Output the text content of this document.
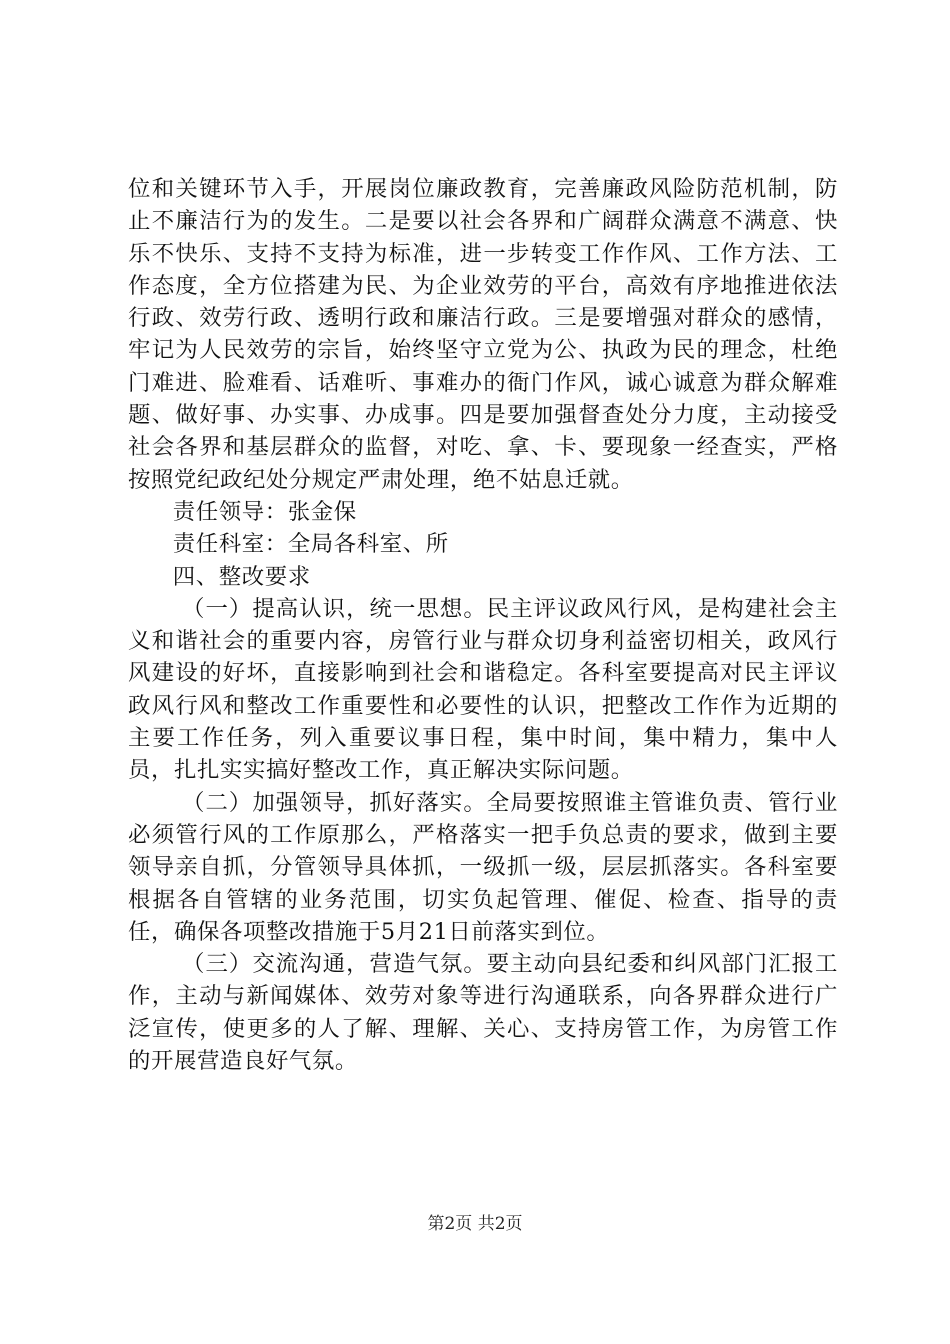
位和关键环节入手，开展岗位廉政教育，完善廉政风险防范机制，防止不廉洁行为的发生。二是要以社会各界和广阔群众满意不满意、快乐不快乐、支持不支持为标准，进一步转变工作作风、工作方法、工作态度，全方位搭建为民、为企业效劳的平台，高效有序地推进依法行政、效劳行政、透明行政和廉洁行政。三是要增强对群众的感情，牢记为人民效劳的宗旨，始终坚守立党为公、执政为民的理念，杜绝门难进、脸难看、话难听、事难办的衙门作风，诚心诚意为群众解难题、做好事、办实事、办成事。四是要加强督查处分力度，主动接受社会各界和基层群众的监督，对吃、拿、卡、要现象一经查实，严格按照党纪政纪处分规定严肃处理，绝不姑息迁就。

责任领导：张金保

责任科室：全局各科室、所

四、整改要求

（一）提高认识，统一思想。民主评议政风行风，是构建社会主义和谐社会的重要内容，房管行业与群众切身利益密切相关，政风行风建设的好坏，直接影响到社会和谐稳定。各科室要提高对民主评议政风行风和整改工作重要性和必要性的认识，把整改工作作为近期的主要工作任务，列入重要议事日程，集中时间，集中精力，集中人员，扎扎实实搞好整改工作，真正解决实际问题。

（二）加强领导，抓好落实。全局要按照谁主管谁负责、管行业必须管行风的工作原那么，严格落实一把手负总责的要求，做到主要领导亲自抓，分管领导具体抓，一级抓一级，层层抓落实。各科室要根据各自管辖的业务范围，切实负起管理、催促、检查、指导的责任，确保各项整改措施于5月21日前落实到位。

（三）交流沟通，营造气氛。要主动向县纪委和纠风部门汇报工作，主动与新闻媒体、效劳对象等进行沟通联系，向各界群众进行广泛宣传，使更多的人了解、理解、关心、支持房管工作，为房管工作的开展营造良好气氛。

第2页 共2页
